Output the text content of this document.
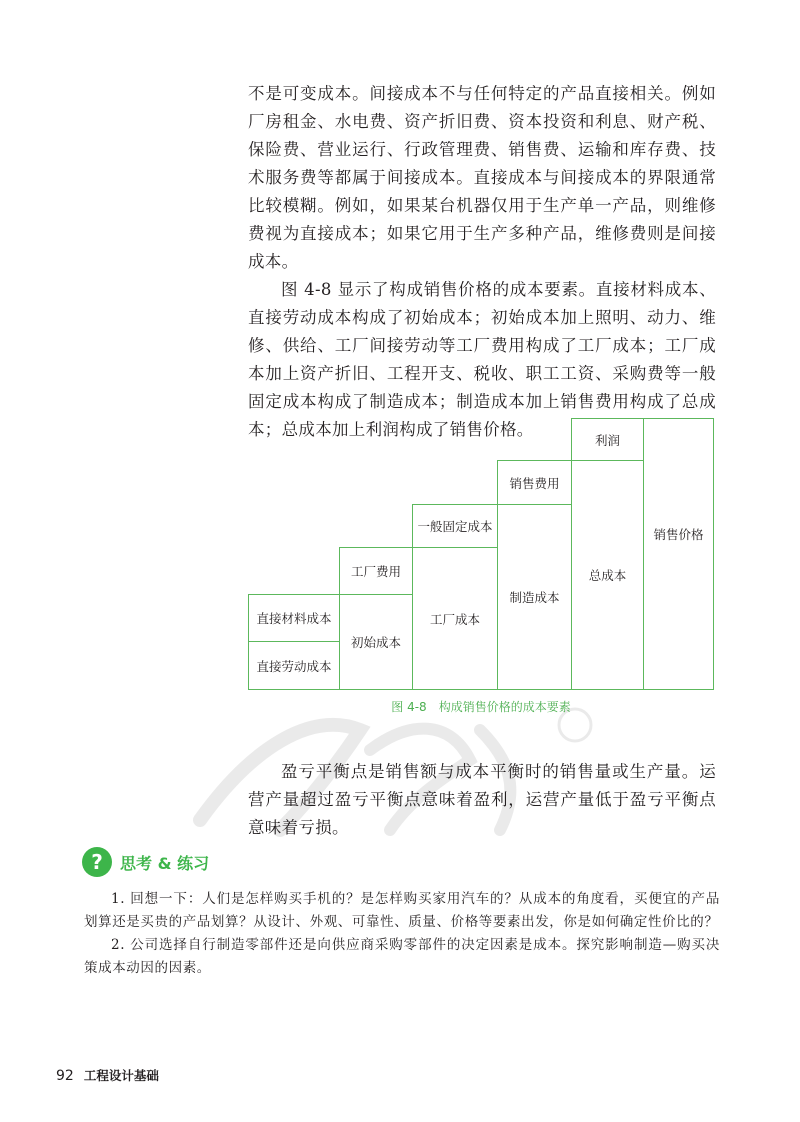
不是可变成本。间接成本不与任何特定的产品直接相关。例如厂房租金、水电费、资产折旧费、资本投资和利息、财产税、保险费、营业运行、行政管理费、销售费、运输和库存费、技术服务费等都属于间接成本。直接成本与间接成本的界限通常比较模糊。例如，如果某台机器仅用于生产单一产品，则维修费视为直接成本；如果它用于生产多种产品，维修费则是间接成本。

图 4-8 显示了构成销售价格的成本要素。直接材料成本、直接劳动成本构成了初始成本；初始成本加上照明、动力、维修、供给、工厂间接劳动等工厂费用构成了工厂成本；工厂成本加上资产折旧、工程开支、税收、职工工资、采购费等一般固定成本构成了制造成本；制造成本加上销售费用构成了总成本；总成本加上利润构成了销售价格。

直接材料成本
直接劳动成本
工厂费用
初始成本
一般固定成本
工厂成本
销售费用
制造成本
利润
总成本
销售价格
图 4-8 构成销售价格的成本要素

盈亏平衡点是销售额与成本平衡时的销售量或生产量。运营产量超过盈亏平衡点意味着盈利，运营产量低于盈亏平衡点意味着亏损。

?	思考 & 练习

1. 回想一下：人们是怎样购买手机的？是怎样购买家用汽车的？从成本的角度看，买便宜的产品划算还是买贵的产品划算？从设计、外观、可靠性、质量、价格等要素出发，你是如何确定性价比的？

2. 公司选择自行制造零部件还是向供应商采购零部件的决定因素是成本。探究影响制造—购买决策成本动因的因素。

92 工程设计基础
